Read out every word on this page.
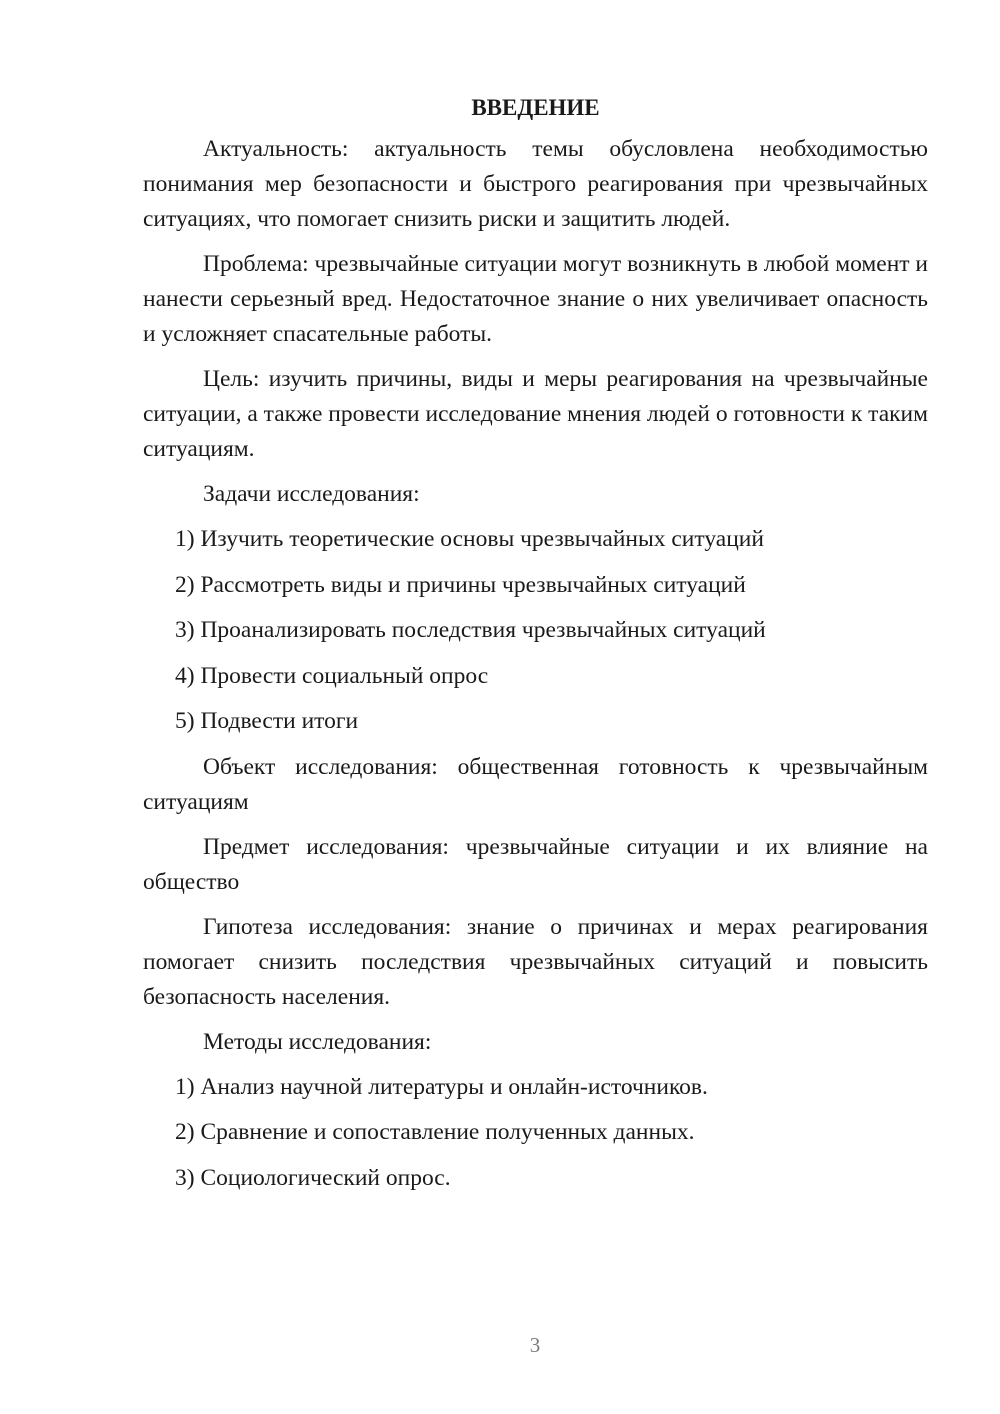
ВВЕДЕНИЕ

Актуальность: актуальность темы обусловлена необходимостью понимания мер безопасности и быстрого реагирования при чрезвычайных ситуациях, что помогает снизить риски и защитить людей.

Проблема: чрезвычайные ситуации могут возникнуть в любой момент и нанести серьезный вред. Недостаточное знание о них увеличивает опасность и усложняет спасательные работы.

Цель: изучить причины, виды и меры реагирования на чрезвычайные ситуации, а также провести исследование мнения людей о готовности к таким ситуациям.

Задачи исследования:

1) Изучить теоретические основы чрезвычайных ситуаций
2) Рассмотреть виды и причины чрезвычайных ситуаций
3) Проанализировать последствия чрезвычайных ситуаций
4) Провести социальный опрос
5) Подвести итоги

Объект исследования: общественная готовность к чрезвычайным ситуациям

Предмет исследования: чрезвычайные ситуации и их влияние на общество

Гипотеза исследования: знание о причинах и мерах реагирования помогает снизить последствия чрезвычайных ситуаций и повысить безопасность населения.

Методы исследования:

1) Анализ научной литературы и онлайн-источников.
2) Сравнение и сопоставление полученных данных.
3) Социологический опрос.
3
